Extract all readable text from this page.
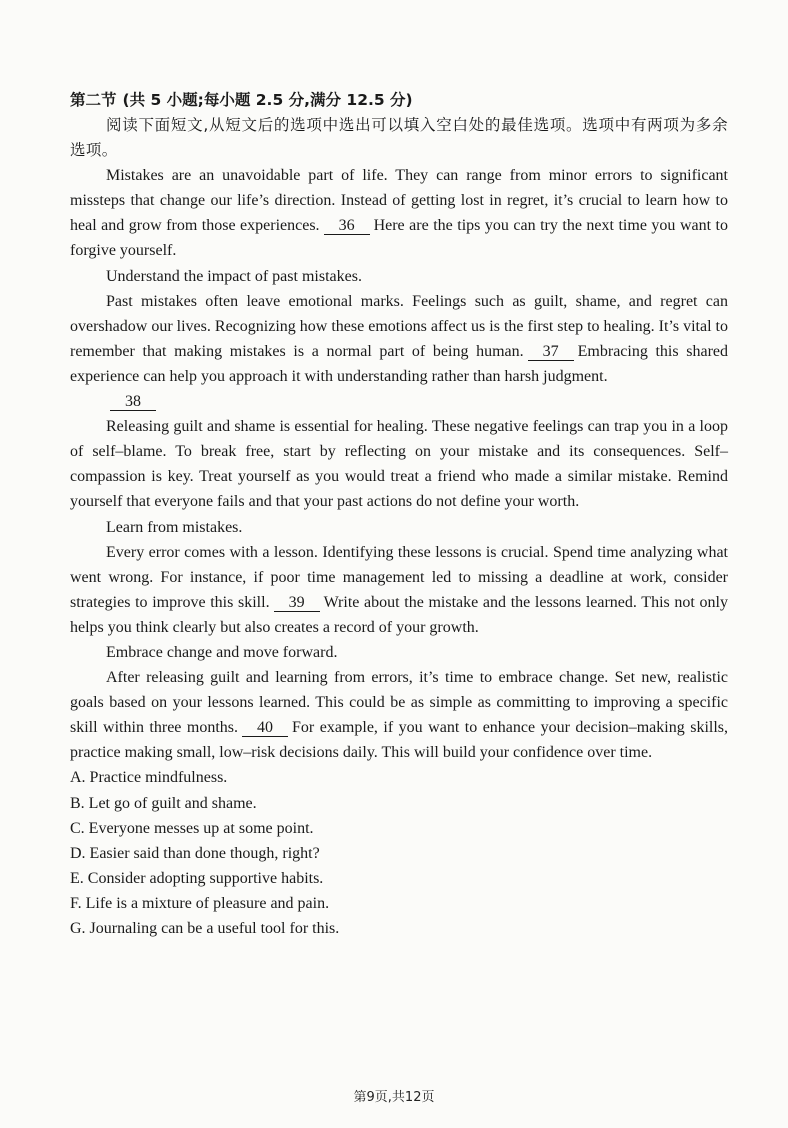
第二节 (共 5 小题;每小题 2.5 分,满分 12.5 分)

阅读下面短文,从短文后的选项中选出可以填入空白处的最佳选项。选项中有两项为多余选项。

Mistakes are an unavoidable part of life. They can range from minor errors to significant missteps that change our life’s direction. Instead of getting lost in regret, it’s crucial to learn how to heal and grow from those experiences. 36 Here are the tips you can try the next time you want to forgive yourself.

Understand the impact of past mistakes.

Past mistakes often leave emotional marks. Feelings such as guilt, shame, and regret can overshadow our lives. Recognizing how these emotions affect us is the first step to healing. It’s vital to remember that making mistakes is a normal part of being human. 37 Embracing this shared experience can help you approach it with understanding rather than harsh judgment.

38

Releasing guilt and shame is essential for healing. These negative feelings can trap you in a loop of self–blame. To break free, start by reflecting on your mistake and its consequences. Self–compassion is key. Treat yourself as you would treat a friend who made a similar mistake. Remind yourself that everyone fails and that your past actions do not define your worth.

Learn from mistakes.

Every error comes with a lesson. Identifying these lessons is crucial. Spend time analyzing what went wrong. For instance, if poor time management led to missing a deadline at work, consider strategies to improve this skill. 39 Write about the mistake and the lessons learned. This not only helps you think clearly but also creates a record of your growth.

Embrace change and move forward.

After releasing guilt and learning from errors, it’s time to embrace change. Set new, realistic goals based on your lessons learned. This could be as simple as committing to improving a specific skill within three months. 40 For example, if you want to enhance your decision–making skills, practice making small, low–risk decisions daily. This will build your confidence over time.

A. Practice mindfulness.
B. Let go of guilt and shame.
C. Everyone messes up at some point.
D. Easier said than done though, right?
E. Consider adopting supportive habits.
F. Life is a mixture of pleasure and pain.
G. Journaling can be a useful tool for this.
第9页,共12页
